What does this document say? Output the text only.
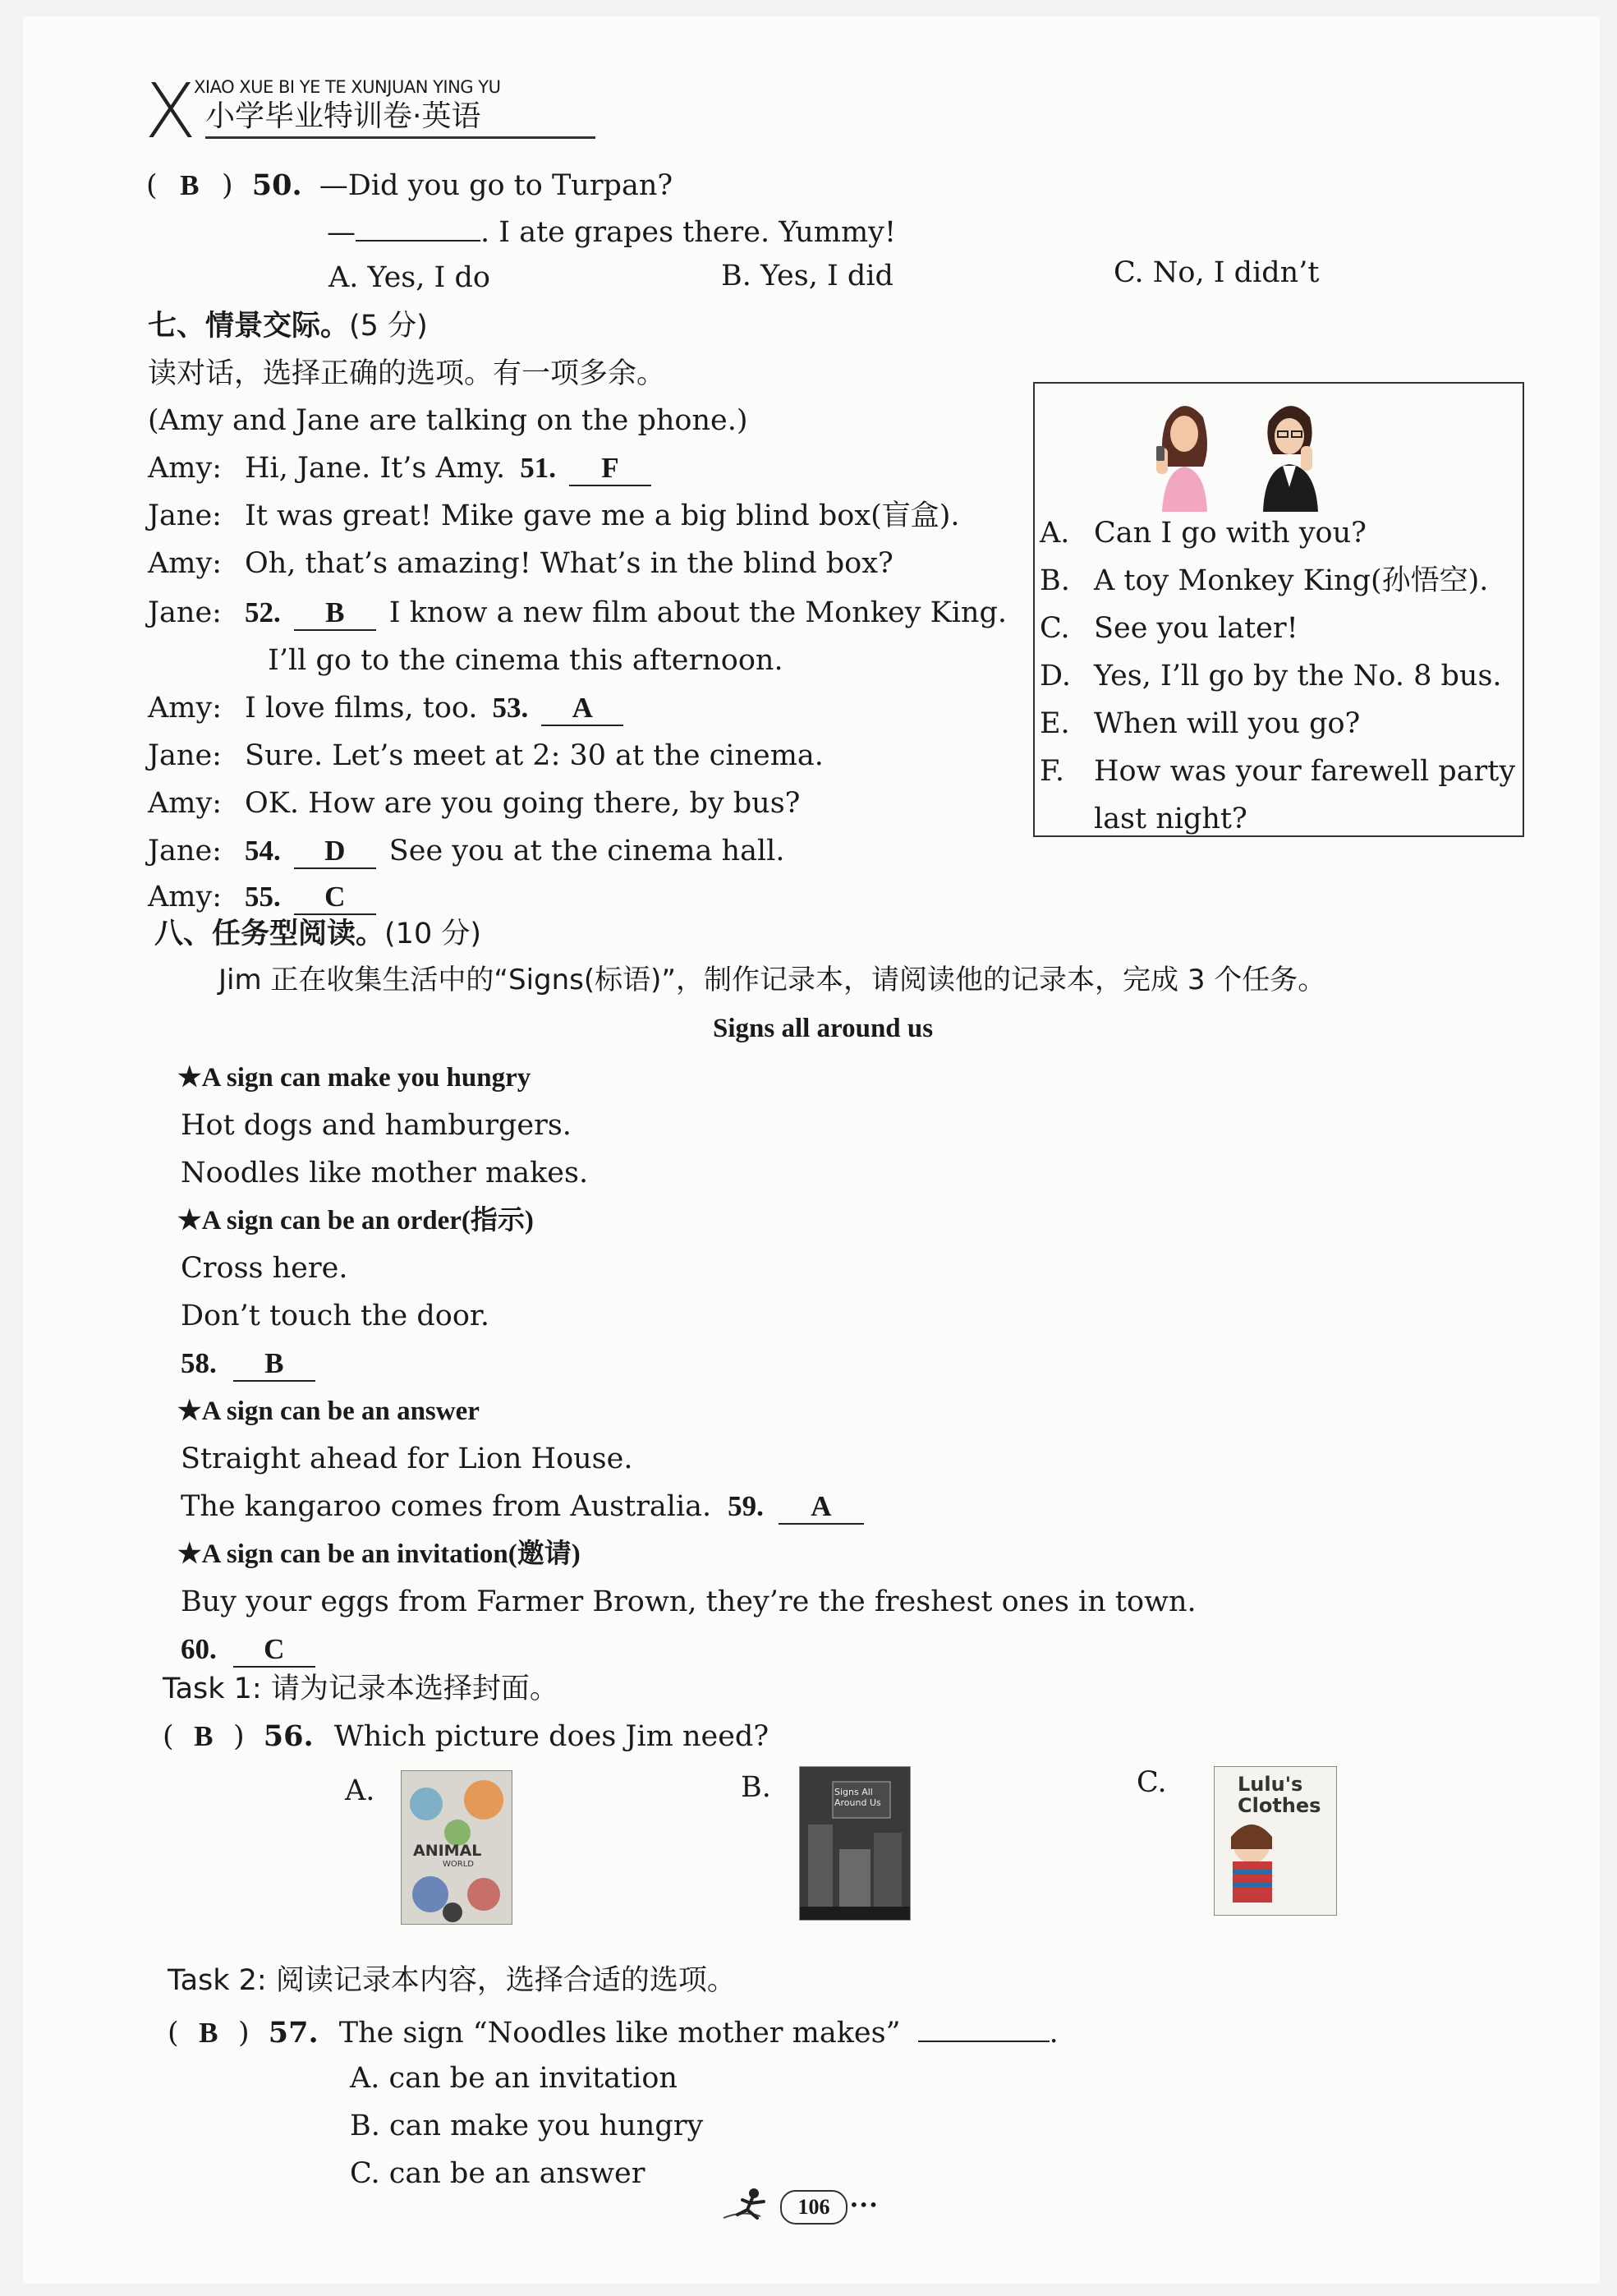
X
XIAO XUE BI YE TE XUNJUAN YING YU
小学毕业特训卷·英语
( B ) 50. —Did you go to Turpan?
—	. I ate grapes there. Yummy!
A. Yes, I do	B. Yes, I did	C. No, I didn’t
七、情景交际。(5 分)
读对话，选择正确的选项。有一项多余。
(Amy and Jane are talking on the phone.)
Amy: Hi, Jane. It’s Amy. 51. F
Jane: It was great! Mike gave me a big blind box(盲盒).
Amy: Oh, that’s amazing! What’s in the blind box?
Jane: 52. B I know a new film about the Monkey King.
I’ll go to the cinema this afternoon.
Amy: I love films, too. 53. A
Jane: Sure. Let’s meet at 2: 30 at the cinema.
Amy: OK. How are you going there, by bus?
Jane: 54. D See you at the cinema hall.
Amy: 55. C
A. Can I go with you?
B. A toy Monkey King(孙悟空).
C. See you later!
D. Yes, I’ll go by the No. 8 bus.
E. When will you go?
F. How was your farewell party
last night?
八、任务型阅读。(10 分)
Jim 正在收集生活中的“Signs(标语)”，制作记录本，请阅读他的记录本，完成 3 个任务。
Signs all around us
★A sign can make you hungry
Hot dogs and hamburgers.
Noodles like mother makes.
★A sign can be an order(指示)
Cross here.
Don’t touch the door.
58. B
★A sign can be an answer
Straight ahead for Lion House.
The kangaroo comes from Australia. 59. A
★A sign can be an invitation(邀请)
Buy your eggs from Farmer Brown, they’re the freshest ones in town.
60. C
Task 1: 请为记录本选择封面。
( B ) 56. Which picture does Jim need?
A.	B.	C.
ANIMAL
WORLD
Signs All Around Us
Lulu's Clothes
Task 2: 阅读记录本内容，选择合适的选项。
( B ) 57. The sign “Noodles like mother makes”	.
A. can be an invitation
B. can make you hungry
C. can be an answer
106	•••
